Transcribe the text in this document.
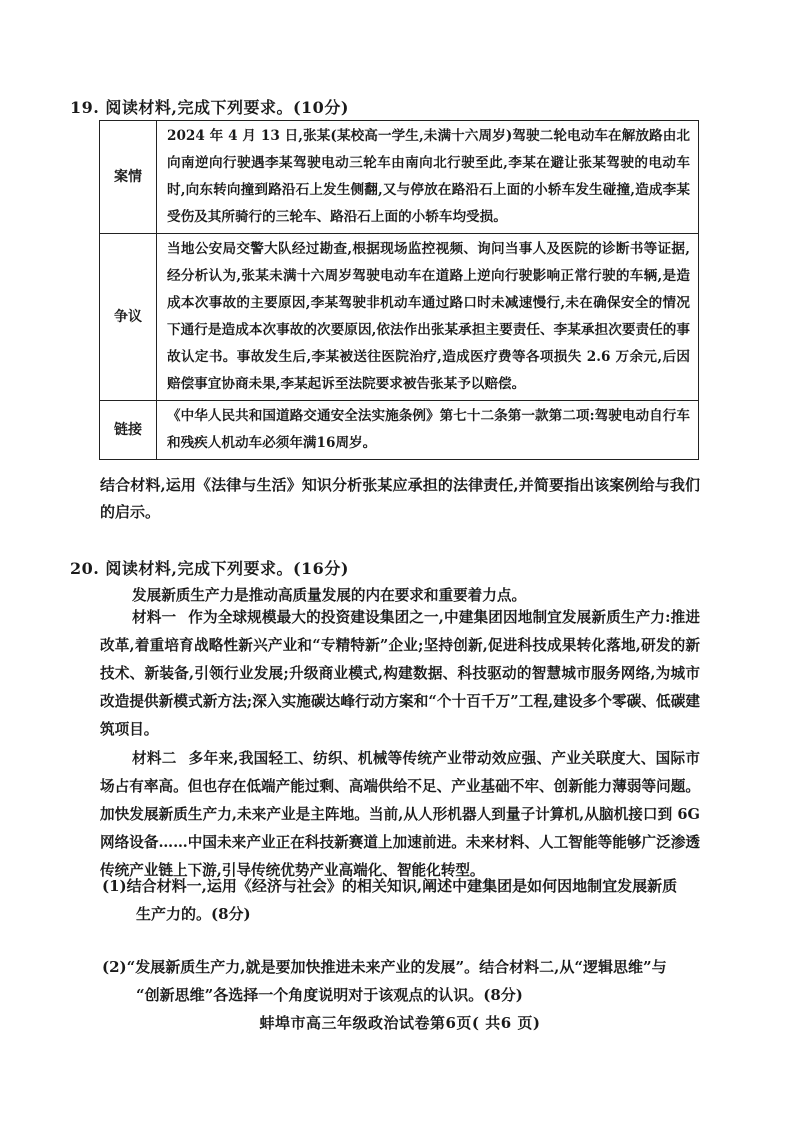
19. 阅读材料,完成下列要求。(10分)
案情	2024 年 4 月 13 日,张某(某校高一学生,未满十六周岁)驾驶二轮电动车在解放路由北向南逆向行驶遇李某驾驶电动三轮车由南向北行驶至此,李某在避让张某驾驶的电动车时,向东转向撞到路沿石上发生侧翻,又与停放在路沿石上面的小轿车发生碰撞,造成李某受伤及其所骑行的三轮车、路沿石上面的小轿车均受损。
争议	当地公安局交警大队经过勘查,根据现场监控视频、询问当事人及医院的诊断书等证据,经分析认为,张某未满十六周岁驾驶电动车在道路上逆向行驶影响正常行驶的车辆,是造成本次事故的主要原因,李某驾驶非机动车通过路口时未减速慢行,未在确保安全的情况下通行是造成本次事故的次要原因,依法作出张某承担主要责任、李某承担次要责任的事故认定书。事故发生后,李某被送往医院治疗,造成医疗费等各项损失 2.6 万余元,后因赔偿事宜协商未果,李某起诉至法院要求被告张某予以赔偿。
链接	《中华人民共和国道路交通安全法实施条例》第七十二条第一款第二项:驾驶电动自行车和残疾人机动车必须年满16周岁。
结合材料,运用《法律与生活》知识分析张某应承担的法律责任,并简要指出该案例给与我们的启示。
20. 阅读材料,完成下列要求。(16分)
发展新质生产力是推动高质量发展的内在要求和重要着力点。
材料一 作为全球规模最大的投资建设集团之一,中建集团因地制宜发展新质生产力:推进改革,着重培育战略性新兴产业和“专精特新”企业;坚持创新,促进科技成果转化落地,研发的新技术、新装备,引领行业发展;升级商业模式,构建数据、科技驱动的智慧城市服务网络,为城市改造提供新模式新方法;深入实施碳达峰行动方案和“个十百千万”工程,建设多个零碳、低碳建筑项目。
材料二 多年来,我国轻工、纺织、机械等传统产业带动效应强、产业关联度大、国际市场占有率高。但也存在低端产能过剩、高端供给不足、产业基础不牢、创新能力薄弱等问题。加快发展新质生产力,未来产业是主阵地。当前,从人形机器人到量子计算机,从脑机接口到 6G 网络设备……中国未来产业正在科技新赛道上加速前进。未来材料、人工智能等能够广泛渗透传统产业链上下游,引导传统优势产业高端化、智能化转型。
(1)结合材料一,运用《经济与社会》的相关知识,阐述中建集团是如何因地制宜发展新质
生产力的。(8分)
(2)“发展新质生产力,就是要加快推进未来产业的发展”。结合材料二,从“逻辑思维”与
“创新思维”各选择一个角度说明对于该观点的认识。(8分)
蚌埠市高三年级政治试卷第6页( 共6 页)
